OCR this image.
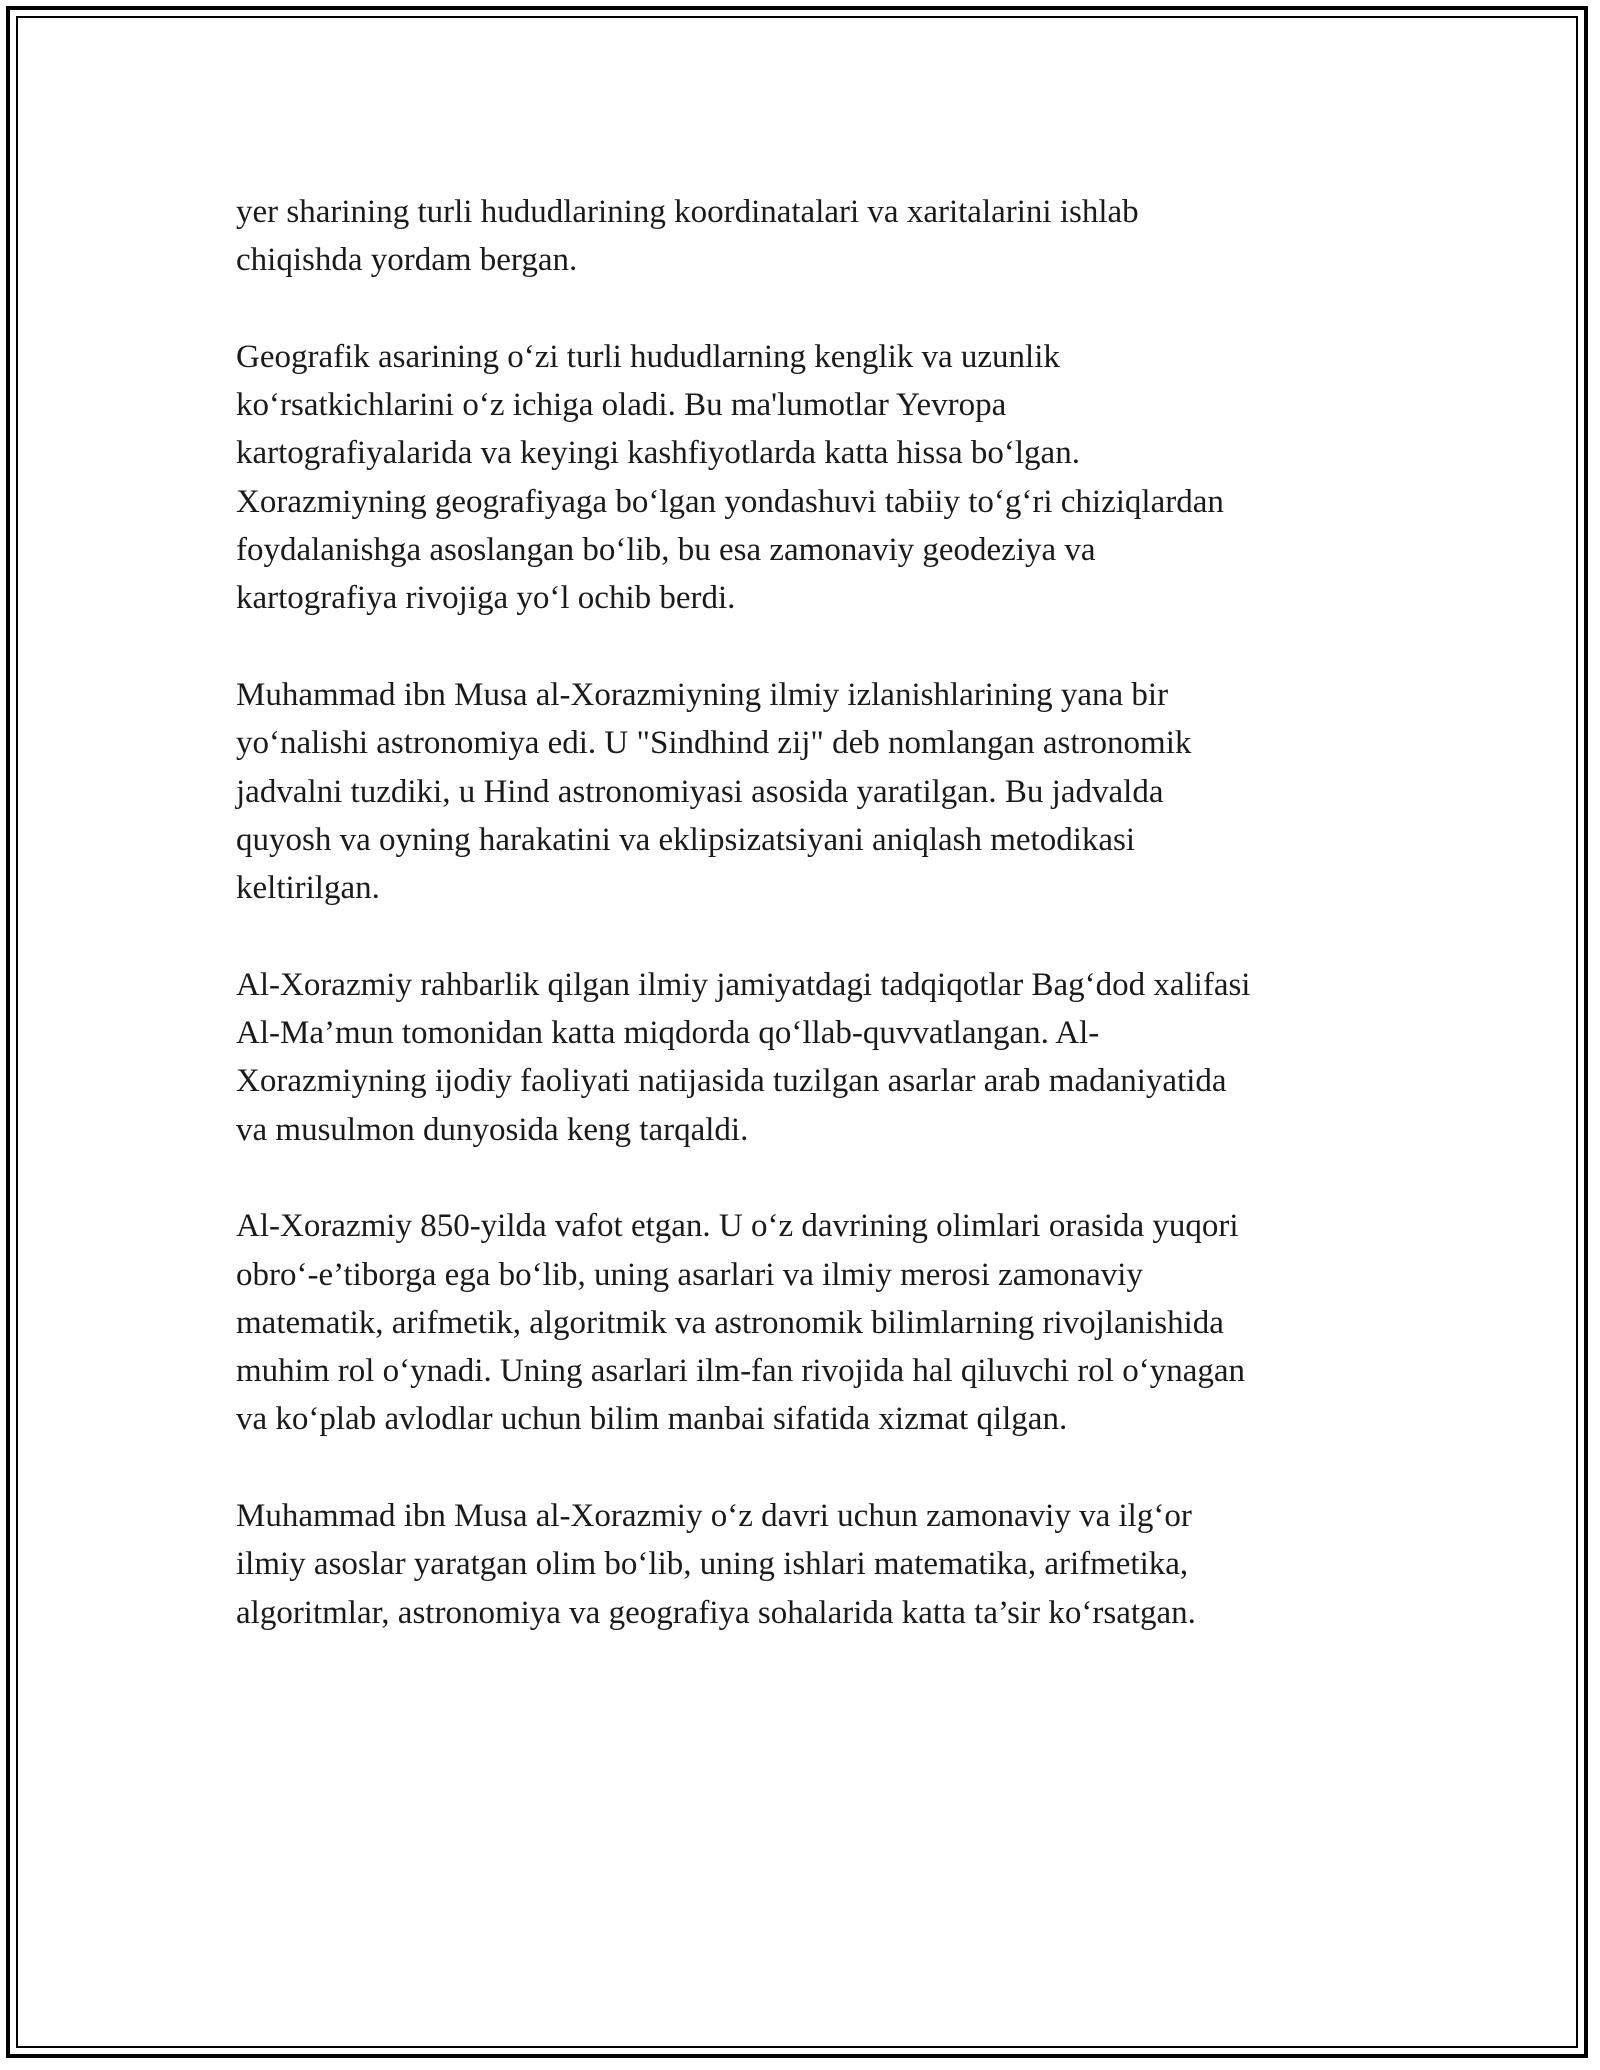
yer sharining turli hududlarining koordinatalari va xaritalarini ishlab
chiqishda yordam bergan.

Geografik asarining o‘zi turli hududlarning kenglik va uzunlik
ko‘rsatkichlarini o‘z ichiga oladi. Bu ma'lumotlar Yevropa
kartografiyalarida va keyingi kashfiyotlarda katta hissa bo‘lgan.
Xorazmiyning geografiyaga bo‘lgan yondashuvi tabiiy to‘g‘ri chiziqlardan
foydalanishga asoslangan bo‘lib, bu esa zamonaviy geodeziya va
kartografiya rivojiga yo‘l ochib berdi.

Muhammad ibn Musa al-Xorazmiyning ilmiy izlanishlarining yana bir
yo‘nalishi astronomiya edi. U "Sindhind zij" deb nomlangan astronomik
jadvalni tuzdiki, u Hind astronomiyasi asosida yaratilgan. Bu jadvalda
quyosh va oyning harakatini va eklipsizatsiyani aniqlash metodikasi
keltirilgan.

Al-Xorazmiy rahbarlik qilgan ilmiy jamiyatdagi tadqiqotlar Bag‘dod xalifasi
Al-Ma’mun tomonidan katta miqdorda qo‘llab-quvvatlangan. Al-
Xorazmiyning ijodiy faoliyati natijasida tuzilgan asarlar arab madaniyatida
va musulmon dunyosida keng tarqaldi.

Al-Xorazmiy 850-yilda vafot etgan. U o‘z davrining olimlari orasida yuqori
obro‘-e’tiborga ega bo‘lib, uning asarlari va ilmiy merosi zamonaviy
matematik, arifmetik, algoritmik va astronomik bilimlarning rivojlanishida
muhim rol o‘ynadi. Uning asarlari ilm-fan rivojida hal qiluvchi rol o‘ynagan
va ko‘plab avlodlar uchun bilim manbai sifatida xizmat qilgan.

Muhammad ibn Musa al-Xorazmiy o‘z davri uchun zamonaviy va ilg‘or
ilmiy asoslar yaratgan olim bo‘lib, uning ishlari matematika, arifmetika,
algoritmlar, astronomiya va geografiya sohalarida katta ta’sir ko‘rsatgan.
